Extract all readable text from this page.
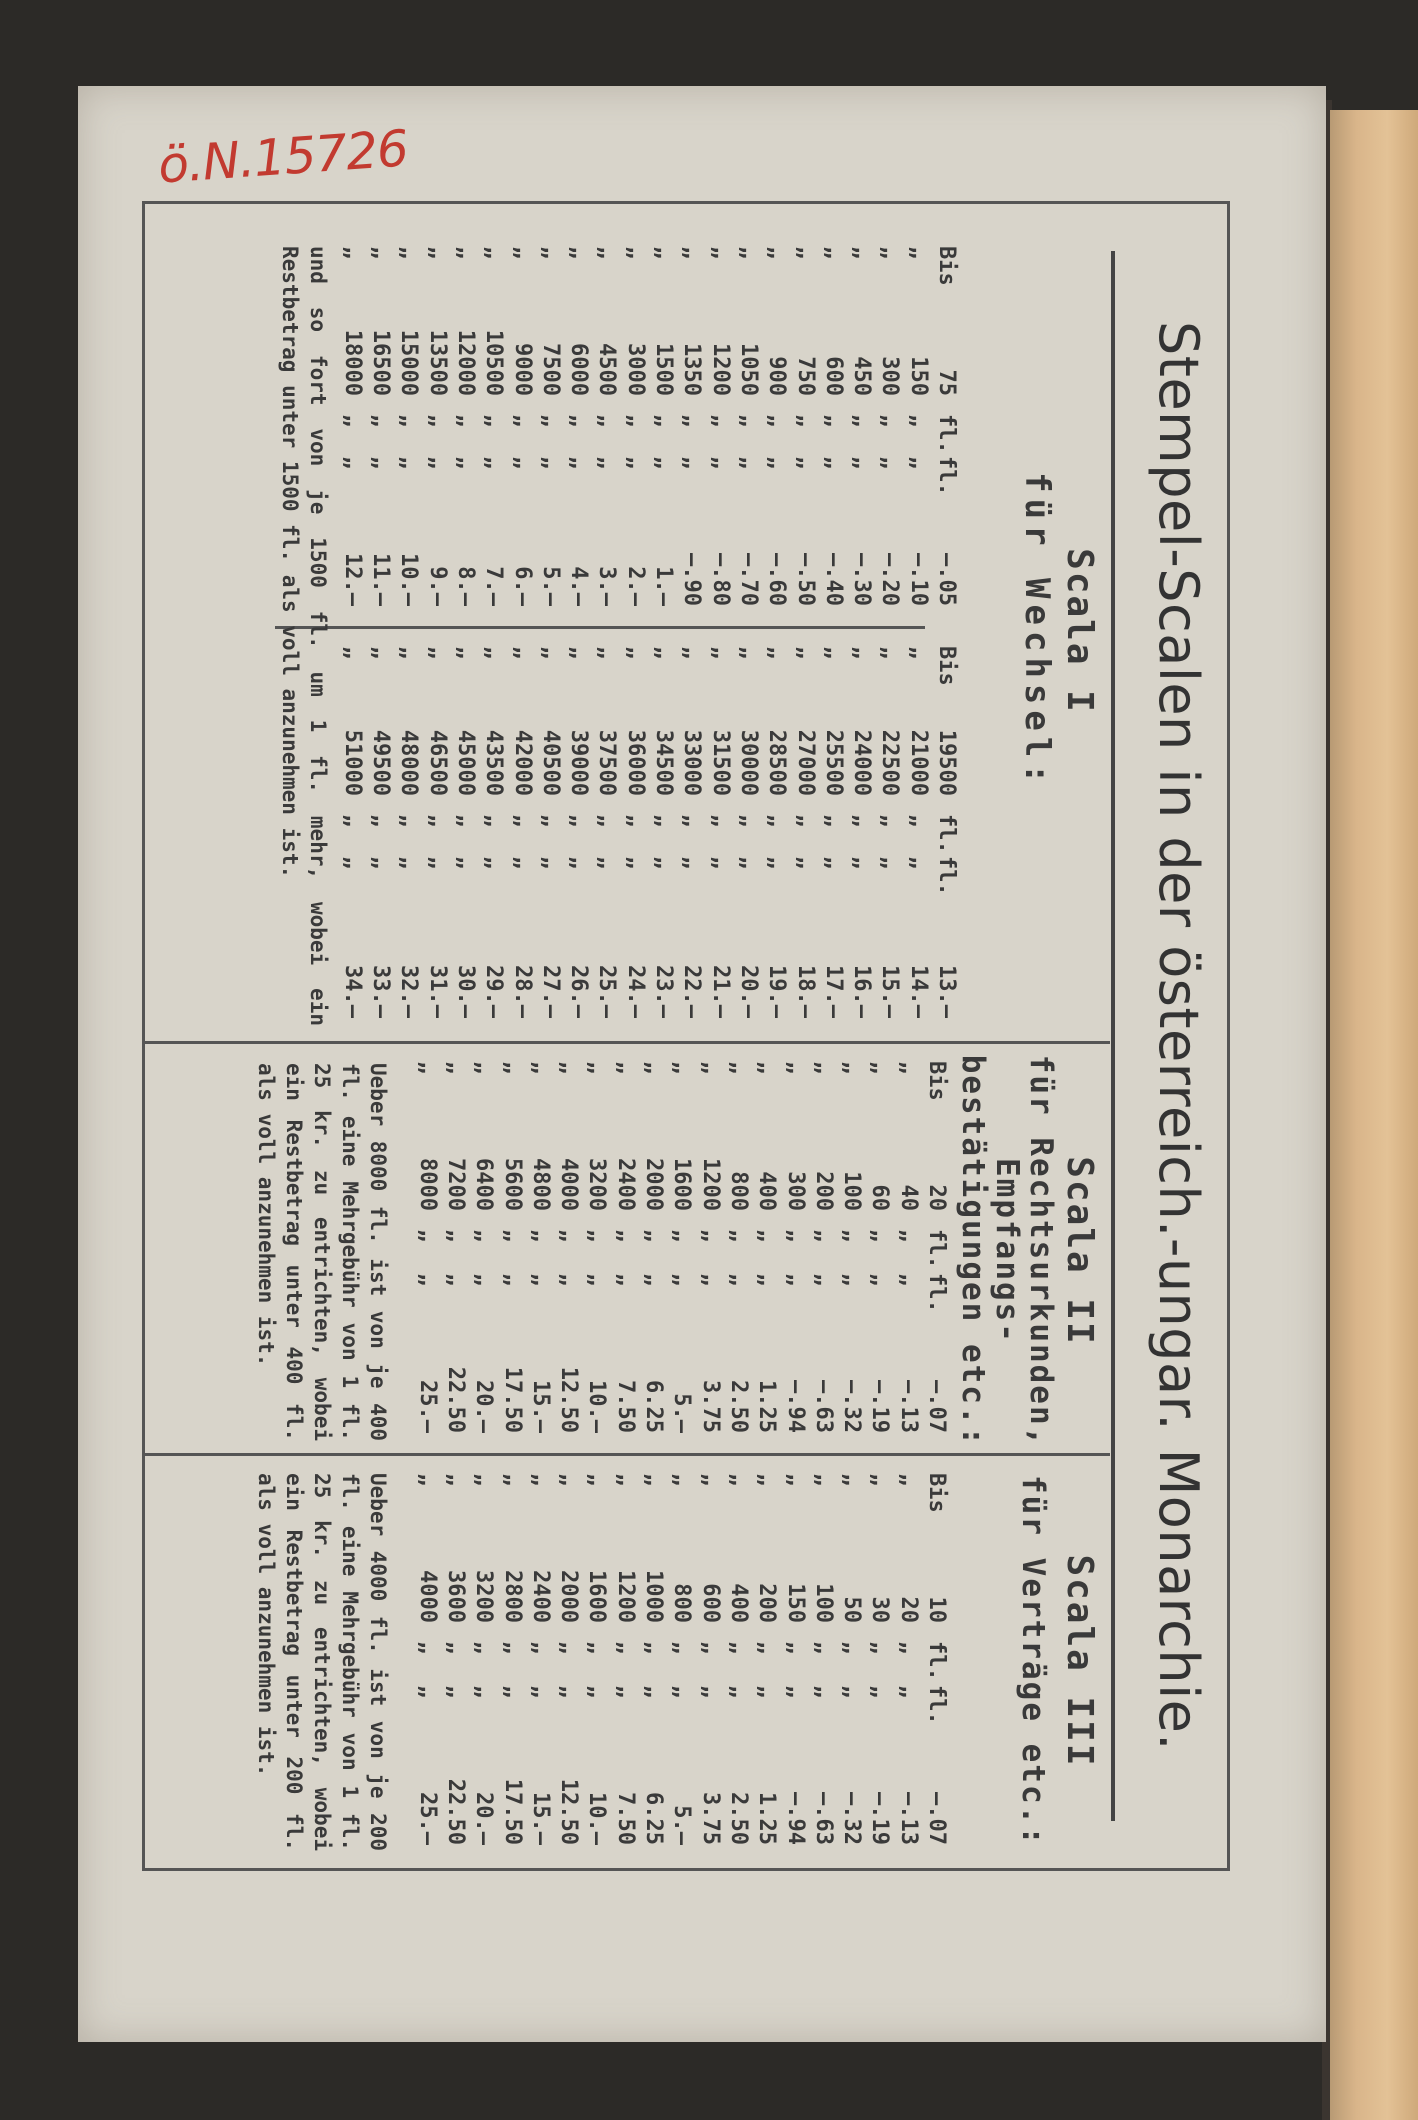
ö.N.15726
Stempel-Scalen in der österreich.-ungar. Monarchie.
Scala I
für Wechsel:
Bis
75
fl.
fl.
—.05
„
150
„
„
—.10
„
300
„
„
—.20
„
450
„
„
—.30
„
600
„
„
—.40
„
750
„
„
—.50
„
900
„
„
—.60
„
1050
„
„
—.70
„
1200
„
„
—.80
„
1350
„
„
—.90
„
1500
„
„
1.—
„
3000
„
„
2.—
„
4500
„
„
3.—
„
6000
„
„
4.—
„
7500
„
„
5.—
„
9000
„
„
6.—
„
10500
„
„
7.—
„
12000
„
„
8.—
„
13500
„
„
9.—
„
15000
„
„
10.—
„
16500
„
„
11.—
„
18000
„
„
12.—
Bis
19500
fl.
fl.
13.—
„
21000
„
„
14.—
„
22500
„
„
15.—
„
24000
„
„
16.—
„
25500
„
„
17.—
„
27000
„
„
18.—
„
28500
„
„
19.—
„
30000
„
„
20.—
„
31500
„
„
21.—
„
33000
„
„
22.—
„
34500
„
„
23.—
„
36000
„
„
24.—
„
37500
„
„
25.—
„
39000
„
„
26.—
„
40500
„
„
27.—
„
42000
„
„
28.—
„
43500
„
„
29.—
„
45000
„
„
30.—
„
46500
„
„
31.—
„
48000
„
„
32.—
„
49500
„
„
33.—
„
51000
„
„
34.—
und so fort von je 1500 fl. um 1 fl. mehr, wobei ein Restbetrag unter 1500 fl. als voll anzunehmen ist.
Scala II
für Rechtsurkunden,
Empfangs-
bestätigungen etc.:
Bis
20
fl.
fl.
—.07
„
40
„
„
—.13
„
60
„
„
—.19
„
100
„
„
—.32
„
200
„
„
—.63
„
300
„
„
—.94
„
400
„
„
1.25
„
800
„
„
2.50
„
1200
„
„
3.75
„
1600
„
„
5.—
„
2000
„
„
6.25
„
2400
„
„
7.50
„
3200
„
„
10.—
„
4000
„
„
12.50
„
4800
„
„
15.—
„
5600
„
„
17.50
„
6400
„
„
20.—
„
7200
„
„
22.50
„
8000
„
„
25.—
Ueber 8000 fl. ist von je 400 fl. eine Mehrgebühr von 1 fl. 25 kr. zu entrichten, wobei ein Restbetrag unter 400 fl. als voll anzunehmen ist.
Scala III
für Verträge etc.:
Bis
10
fl.
fl.
—.07
„
20
„
„
—.13
„
30
„
„
—.19
„
50
„
„
—.32
„
100
„
„
—.63
„
150
„
„
—.94
„
200
„
„
1.25
„
400
„
„
2.50
„
600
„
„
3.75
„
800
„
„
5.—
„
1000
„
„
6.25
„
1200
„
„
7.50
„
1600
„
„
10.—
„
2000
„
„
12.50
„
2400
„
„
15.—
„
2800
„
„
17.50
„
3200
„
„
20.—
„
3600
„
„
22.50
„
4000
„
„
25.—
Ueber 4000 fl. ist von je 200 fl. eine Mehrgebühr von 1 fl. 25 kr. zu entrichten, wobei ein Restbetrag unter 200 fl. als voll anzunehmen ist.
